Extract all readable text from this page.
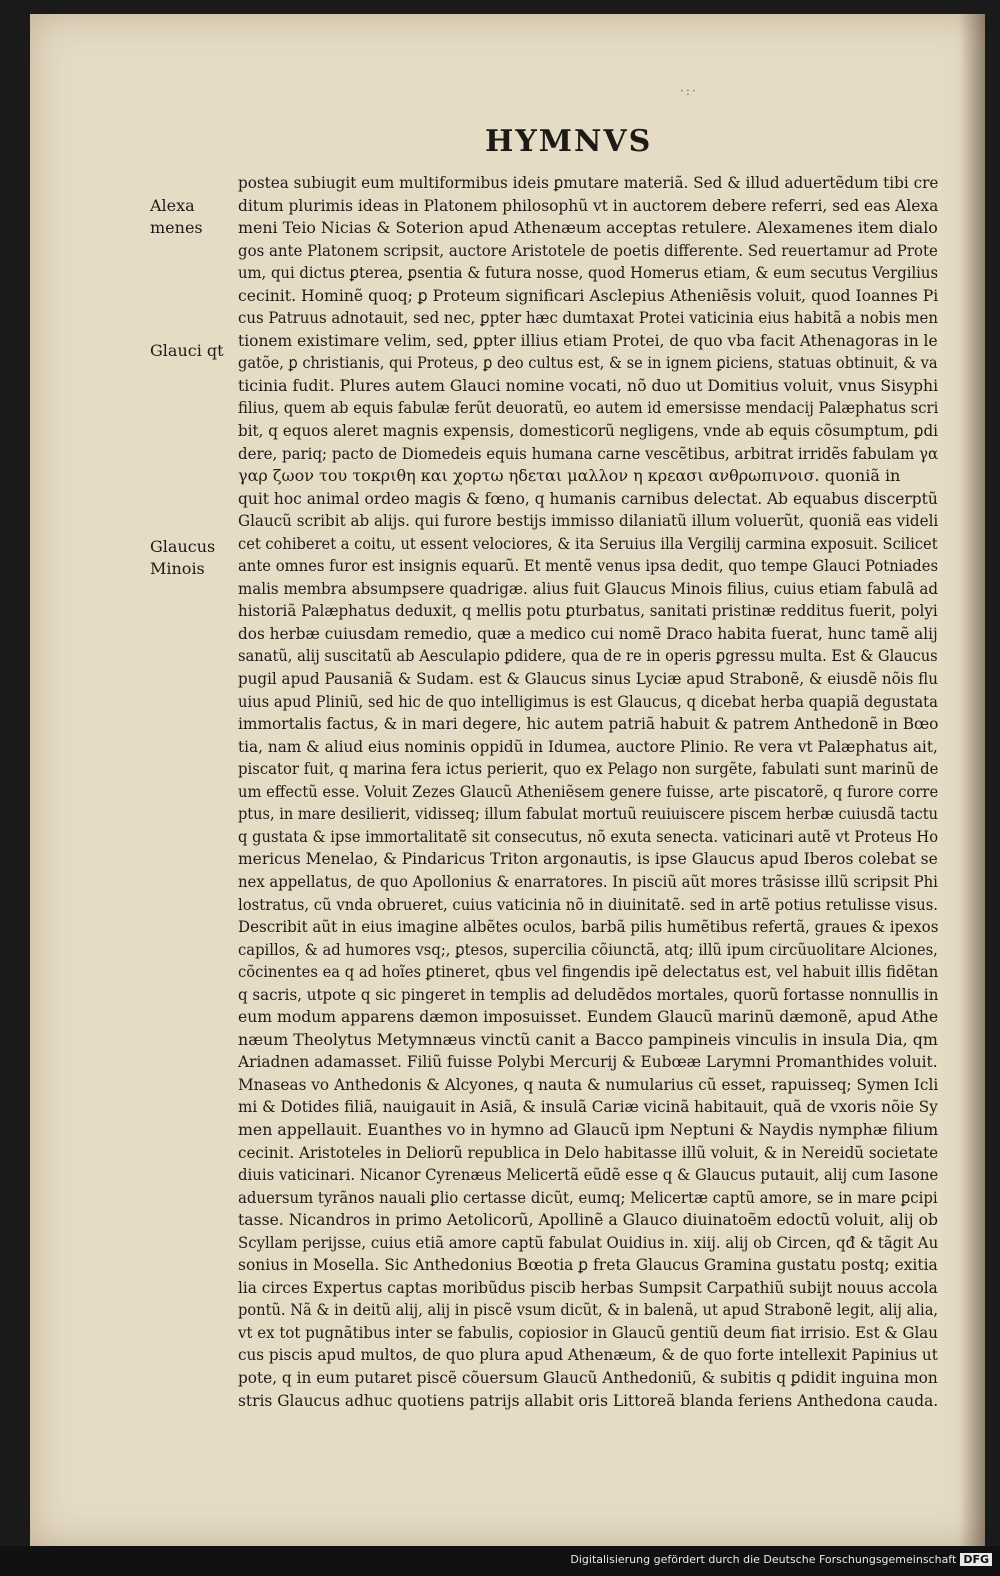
·:·
HYMNVS
Alexa
menes
Glauci qt
Glaucus
Minois
postea subiugit eum multiformibus ideis ꝑmutare materiã. Sed & illud aduertẽdum tibi cre
ditum plurimis ideas in Platonem philosophũ vt in auctorem debere referri, sed eas Alexa
meni Teio Nicias & Soterion apud Athenæum acceptas retulere. Alexamenes item dialo
gos ante Platonem scripsit, auctore Aristotele de poetis differente. Sed reuertamur ad Prote
um, qui dictus ꝑterea, ꝑsentia & futura nosse, quod Homerus etiam, & eum secutus Vergilius
cecinit. Hominẽ quoq; ꝑ Proteum significari Asclepius Atheniẽsis voluit, quod Ioannes Pi
cus Patruus adnotauit, sed nec, ꝑpter hæc dumtaxat Protei vaticinia eius habitã a nobis men
tionem existimare velim, sed, ꝑpter illius etiam Protei, de quo vba facit Athenagoras in le
gatõe, ꝑ christianis, qui Proteus, ꝑ deo cultus est, & se in ignem ꝑiciens, statuas obtinuit, & va
ticinia fudit. Plures autem Glauci nomine vocati, nõ duo ut Domitius voluit, vnus Sisyphi
filius, quem ab equis fabulæ ferũt deuoratũ, eo autem id emersisse mendacij Palæphatus scri
bit, q equos aleret magnis expensis, domesticorũ negligens, vnde ab equis cõsumptum, ꝑdi
dere, pariq; pacto de Diomedeis equis humana carne vescẽtibus, arbitrat irridẽs fabulam γα
γαρ ζωον του τοκριθη και χορτω ηδεται μαλλον η κρεασι ανθρωπινοισ. quoniã in
quit hoc animal ordeo magis & fœno, q humanis carnibus delectat. Ab equabus discerptũ
Glaucũ scribit ab alijs. qui furore bestijs immisso dilaniatũ illum voluerũt, quoniã eas videli
cet cohiberet a coitu, ut essent velociores, & ita Seruius illa Vergilij carmina exposuit. Scilicet
ante omnes furor est insignis equarũ. Et mentẽ venus ipsa dedit, quo tempe Glauci Potniades
malis membra absumpsere quadrigæ. alius fuit Glaucus Minois filius, cuius etiam fabulã ad
historiã Palæphatus deduxit, q mellis potu ꝑturbatus, sanitati pristinæ redditus fuerit, polyi
dos herbæ cuiusdam remedio, quæ a medico cui nomẽ Draco habita fuerat, hunc tamẽ alij
sanatũ, alij suscitatũ ab Aesculapio ꝑdidere, qua de re in operis ꝑgressu multa. Est & Glaucus
pugil apud Pausaniã & Sudam. est & Glaucus sinus Lyciæ apud Strabonẽ, & eiusdẽ nõis flu
uius apud Pliniũ, sed hic de quo intelligimus is est Glaucus, q dicebat herba quapiã degustata
immortalis factus, & in mari degere, hic autem patriã habuit & patrem Anthedonẽ in Bœo
tia, nam & aliud eius nominis oppidũ in Idumea, auctore Plinio. Re vera vt Palæphatus ait,
piscator fuit, q marina fera ictus perierit, quo ex Pelago non surgẽte, fabulati sunt marinũ de
um effectũ esse. Voluit Zezes Glaucũ Atheniẽsem genere fuisse, arte piscatorẽ, q furore corre
ptus, in mare desilierit, vidisseq; illum fabulat mortuũ reuiuiscere piscem herbæ cuiusdã tactu
q gustata & ipse immortalitatẽ sit consecutus, nõ exuta senecta. vaticinari autẽ vt Proteus Ho
mericus Menelao, & Pindaricus Triton argonautis, is ipse Glaucus apud Iberos colebat se
nex appellatus, de quo Apollonius & enarratores. In pisciũ aũt mores trãsisse illũ scripsit Phi
lostratus, cũ vnda obrueret, cuius vaticinia nõ in diuinitatẽ. sed in artẽ potius retulisse visus.
Describit aũt in eius imagine albẽtes oculos, barbã pilis humẽtibus refertã, graues & ipexos
capillos, & ad humores vsq;, ꝑtesos, supercilia cõiunctã, atq; illũ ipum circũuolitare Alciones,
cõcinentes ea q ad hoĩes ꝑtineret, qbus vel fingendis ipẽ delectatus est, vel habuit illis fidẽtan
q sacris, utpote q sic pingeret in templis ad deludẽdos mortales, quorũ fortasse nonnullis in
eum modum apparens dæmon imposuisset. Eundem Glaucũ marinũ dæmonẽ, apud Athe
næum Theolytus Metymnæus vinctũ canit a Bacco pampineis vinculis in insula Dia, qm
Ariadnen adamasset. Filiũ fuisse Polybi Mercurij & Eubœæ Larymni Promanthides voluit.
Mnaseas vo Anthedonis & Alcyones, q nauta & numularius cũ esset, rapuisseq; Symen Icli
mi & Dotides filiã, nauigauit in Asiã, & insulã Cariæ vicinã habitauit, quã de vxoris nõie Sy
men appellauit. Euanthes vo in hymno ad Glaucũ ipm Neptuni & Naydis nymphæ filium
cecinit. Aristoteles in Deliorũ republica in Delo habitasse illũ voluit, & in Nereidũ societate
diuis vaticinari. Nicanor Cyrenæus Melicertã eũdẽ esse q & Glaucus putauit, alij cum Iasone
aduersum tyrãnos nauali ꝑlio certasse dicũt, eumq; Melicertæ captũ amore, se in mare ꝑcipi
tasse. Nicandros in primo Aetolicorũ, Apollinẽ a Glauco diuinatoẽm edoctũ voluit, alij ob
Scyllam perijsse, cuius etiã amore captũ fabulat Ouidius in. xiij. alij ob Circen, qđ & tãgit Au
sonius in Mosella. Sic Anthedonius Bœotia ꝑ freta Glaucus Gramina gustatu postq; exitia
lia circes Expertus captas moribũdus piscib herbas Sumpsit Carpathiũ subijt nouus accola
pontũ. Nã & in deitũ alij, alij in piscẽ vsum dicũt, & in balenã, ut apud Strabonẽ legit, alij alia,
vt ex tot pugnãtibus inter se fabulis, copiosior in Glaucũ gentiũ deum fiat irrisio. Est & Glau
cus piscis apud multos, de quo plura apud Athenæum, & de quo forte intellexit Papinius ut
pote, q in eum putaret piscẽ cõuersum Glaucũ Anthedoniũ, & subitis q ꝑdidit inguina mon
stris Glaucus adhuc quotiens patrijs allabit oris Littoreã blanda feriens Anthedona cauda.
Digitalisierung gefördert durch die Deutsche Forschungsgemeinschaft DFG
